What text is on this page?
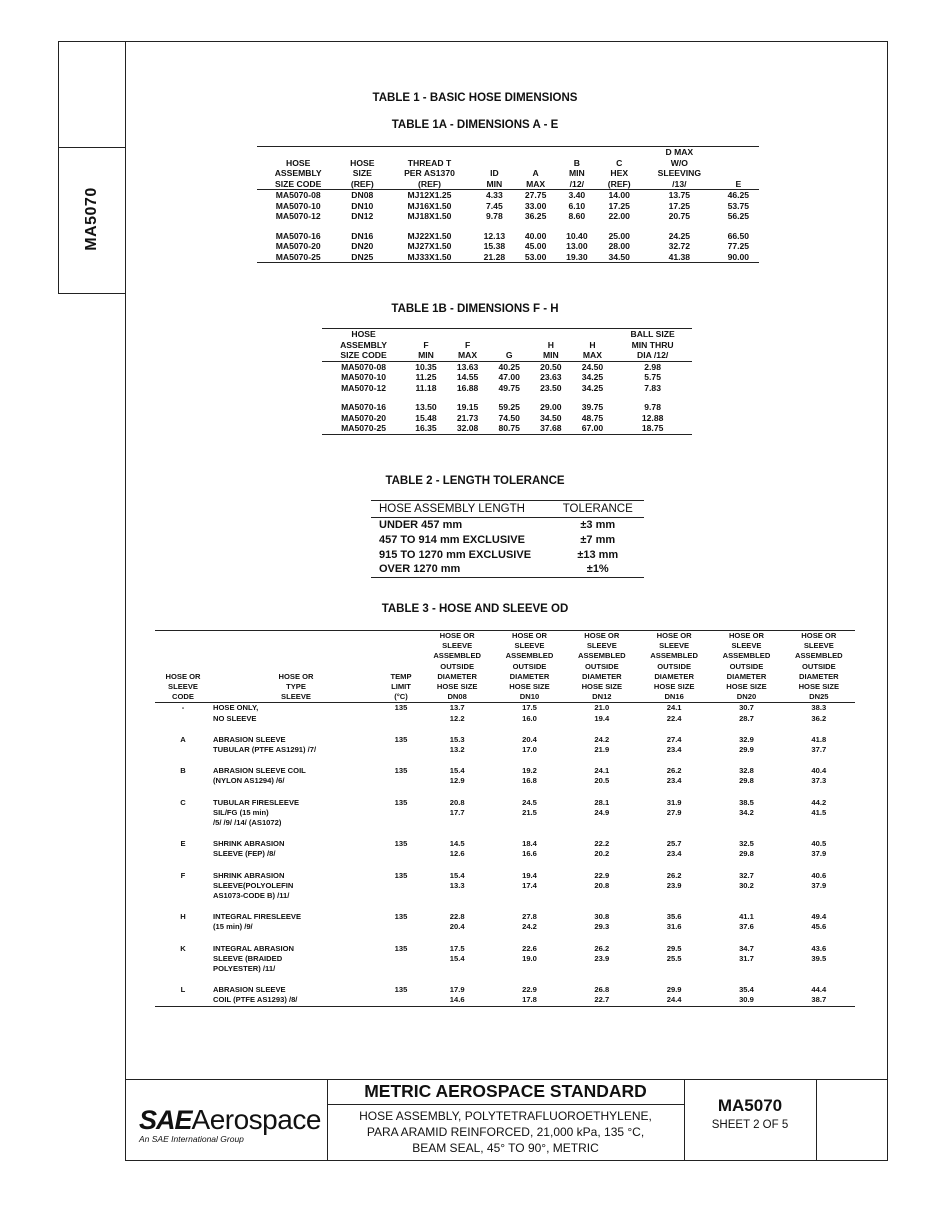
MA5070
TABLE 1 - BASIC HOSE DIMENSIONS
TABLE 1A - DIMENSIONS A - E
							D MAX	
HOSE	HOSE	THREAD T			B	C	W/O	
ASSEMBLY	SIZE	PER AS1370	ID	A	MIN	HEX	SLEEVING	
SIZE CODE	(REF)	(REF)	MIN	MAX	/12/	(REF)	/13/	E
MA5070-08	DN08	MJ12X1.25	4.33	27.75	3.40	14.00	13.75	46.25
MA5070-10	DN10	MJ16X1.50	7.45	33.00	6.10	17.25	17.25	53.75
MA5070-12	DN12	MJ18X1.50	9.78	36.25	8.60	22.00	20.75	56.25

MA5070-16	DN16	MJ22X1.50	12.13	40.00	10.40	25.00	24.25	66.50
MA5070-20	DN20	MJ27X1.50	15.38	45.00	13.00	28.00	32.72	77.25
MA5070-25	DN25	MJ33X1.50	21.28	53.00	19.30	34.50	41.38	90.00
TABLE 1B - DIMENSIONS F - H
HOSE						BALL SIZE
ASSEMBLY	F	F		H	H	MIN THRU
SIZE CODE	MIN	MAX	G	MIN	MAX	DIA /12/
MA5070-08	10.35	13.63	40.25	20.50	24.50	2.98
MA5070-10	11.25	14.55	47.00	23.63	34.25	5.75
MA5070-12	11.18	16.88	49.75	23.50	34.25	7.83

MA5070-16	13.50	19.15	59.25	29.00	39.75	9.78
MA5070-20	15.48	21.73	74.50	34.50	48.75	12.88
MA5070-25	16.35	32.08	80.75	37.68	67.00	18.75
TABLE 2 - LENGTH TOLERANCE
HOSE ASSEMBLY LENGTH	TOLERANCE
UNDER 457 mm	±3 mm
457 TO 914 mm EXCLUSIVE	±7 mm
915 TO 1270 mm EXCLUSIVE	±13 mm
OVER 1270 mm	±1%
TABLE 3 - HOSE AND SLEEVE OD
			HOSE OR	HOSE OR	HOSE OR	HOSE OR	HOSE OR	HOSE OR
			SLEEVE	SLEEVE	SLEEVE	SLEEVE	SLEEVE	SLEEVE
			ASSEMBLED	ASSEMBLED	ASSEMBLED	ASSEMBLED	ASSEMBLED	ASSEMBLED
			OUTSIDE	OUTSIDE	OUTSIDE	OUTSIDE	OUTSIDE	OUTSIDE
HOSE OR	HOSE OR	TEMP	DIAMETER	DIAMETER	DIAMETER	DIAMETER	DIAMETER	DIAMETER
SLEEVE	TYPE	LIMIT	HOSE SIZE	HOSE SIZE	HOSE SIZE	HOSE SIZE	HOSE SIZE	HOSE SIZE
CODE	SLEEVE	(°C)	DN08	DN10	DN12	DN16	DN20	DN25
-	HOSE ONLY,	135	13.7	17.5	21.0	24.1	30.7	38.3
	NO SLEEVE		12.2	16.0	19.4	22.4	28.7	36.2

A	ABRASION SLEEVE	135	15.3	20.4	24.2	27.4	32.9	41.8
	TUBULAR (PTFE AS1291) /7/		13.2	17.0	21.9	23.4	29.9	37.7

B	ABRASION SLEEVE COIL	135	15.4	19.2	24.1	26.2	32.8	40.4
	(NYLON AS1294) /6/		12.9	16.8	20.5	23.4	29.8	37.3

C	TUBULAR FIRESLEEVE	135	20.8	24.5	28.1	31.9	38.5	44.2
	SIL/FG (15 min)		17.7	21.5	24.9	27.9	34.2	41.5
	/5/ /9/ /14/ (AS1072)							

E	SHRINK ABRASION	135	14.5	18.4	22.2	25.7	32.5	40.5
	SLEEVE (FEP) /8/		12.6	16.6	20.2	23.4	29.8	37.9

F	SHRINK ABRASION	135	15.4	19.4	22.9	26.2	32.7	40.6
	SLEEVE(POLYOLEFIN		13.3	17.4	20.8	23.9	30.2	37.9
	AS1073-CODE B) /11/							

H	INTEGRAL FIRESLEEVE	135	22.8	27.8	30.8	35.6	41.1	49.4
	(15 min) /9/		20.4	24.2	29.3	31.6	37.6	45.6

K	INTEGRAL ABRASION	135	17.5	22.6	26.2	29.5	34.7	43.6
	SLEEVE (BRAIDED		15.4	19.0	23.9	25.5	31.7	39.5
	POLYESTER) /11/							

L	ABRASION SLEEVE	135	17.9	22.9	26.8	29.9	35.4	44.4
	COIL (PTFE AS1293) /8/		14.6	17.8	22.7	24.4	30.9	38.7
SAEAerospace
An SAE International Group
METRIC AEROSPACE STANDARD
HOSE ASSEMBLY, POLYTETRAFLUOROETHYLENE,
PARA ARAMID REINFORCED, 21,000 kPa, 135 °C,
BEAM SEAL, 45° TO 90°, METRIC
MA5070
SHEET 2 OF 5
